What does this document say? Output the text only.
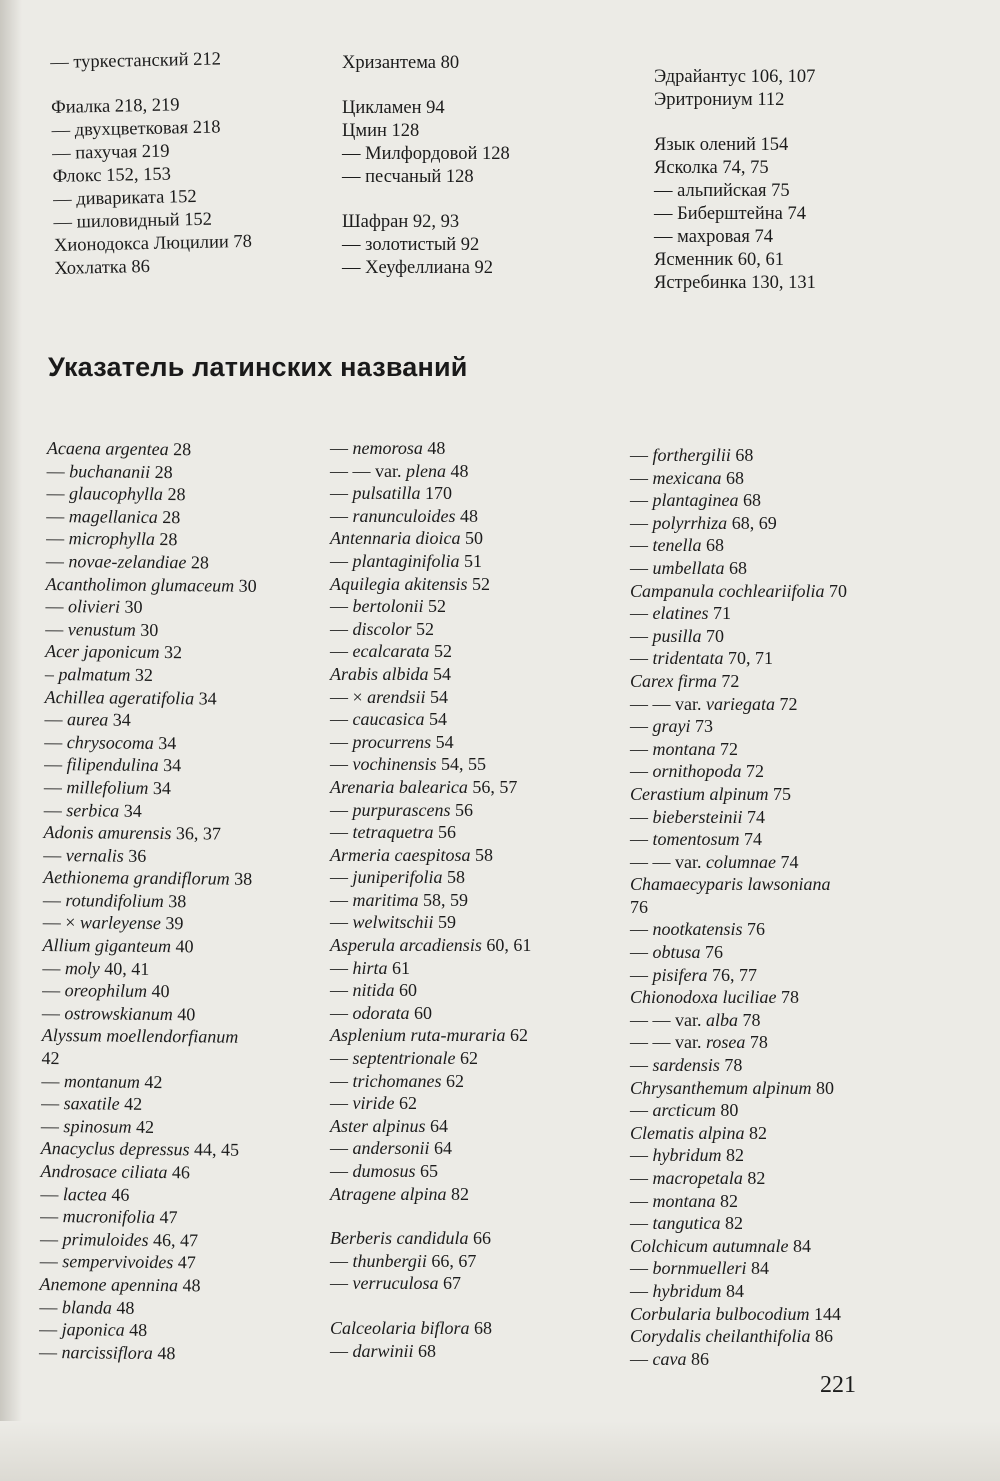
— туркестанский 212
Фиалка 218, 219
— двухцветковая 218
— пахучая 219
Флокс 152, 153
— дивариката 152
— шиловидный 152
Хионодокса Люцилии 78
Хохлатка 86
Хризантема 80
Цикламен 94
Цмин 128
— Милфордовой 128
— песчаный 128
Шафран 92, 93
— золотистый 92
— Хеуфеллиана 92
Эдрайантус 106, 107
Эритрониум 112
Язык олений 154
Ясколка 74, 75
— альпийская 75
— Биберштейна 74
— махровая 74
Ясменник 60, 61
Ястребинка 130, 131
Указатель латинских названий
Acaena argentea 28
— buchananii 28
— glaucophylla 28
— magellanica 28
— microphylla 28
— novae-zelandiae 28
Acantholimon glumaceum 30
— olivieri 30
— venustum 30
Acer japonicum 32
– palmatum 32
Achillea ageratifolia 34
— aurea 34
— chrysocoma 34
— filipendulina 34
— millefolium 34
— serbica 34
Adonis amurensis 36, 37
— vernalis 36
Aethionema grandiflorum 38
— rotundifolium 38
— × warleyense 39
Allium giganteum 40
— moly 40, 41
— oreophilum 40
— ostrowskianum 40
Alyssum moellendorfianum
42
— montanum 42
— saxatile 42
— spinosum 42
Anacyclus depressus 44, 45
Androsace ciliata 46
— lactea 46
— mucronifolia 47
— primuloides 46, 47
— sempervivoides 47
Anemone apennina 48
— blanda 48
— japonica 48
— narcissiflora 48
— nemorosa 48
— — var. plena 48
— pulsatilla 170
— ranunculoides 48
Antennaria dioica 50
— plantaginifolia 51
Aquilegia akitensis 52
— bertolonii 52
— discolor 52
— ecalcarata 52
Arabis albida 54
— × arendsii 54
— caucasica 54
— procurrens 54
— vochinensis 54, 55
Arenaria balearica 56, 57
— purpurascens 56
— tetraquetra 56
Armeria caespitosa 58
— juniperifolia 58
— maritima 58, 59
— welwitschii 59
Asperula arcadiensis 60, 61
— hirta 61
— nitida 60
— odorata 60
Asplenium ruta-muraria 62
— septentrionale 62
— trichomanes 62
— viride 62
Aster alpinus 64
— andersonii 64
— dumosus 65
Atragene alpina 82
Berberis candidula 66
— thunbergii 66, 67
— verruculosa 67
Calceolaria biflora 68
— darwinii 68
— forthergilii 68
— mexicana 68
— plantaginea 68
— polyrrhiza 68, 69
— tenella 68
— umbellata 68
Campanula cochleariifolia 70
— elatines 71
— pusilla 70
— tridentata 70, 71
Carex firma 72
— — var. variegata 72
— grayi 73
— montana 72
— ornithopoda 72
Cerastium alpinum 75
— biebersteinii 74
— tomentosum 74
— — var. columnae 74
Chamaecyparis lawsoniana
76
— nootkatensis 76
— obtusa 76
— pisifera 76, 77
Chionodoxa luciliae 78
— — var. alba 78
— — var. rosea 78
— sardensis 78
Chrysanthemum alpinum 80
— arcticum 80
Clematis alpina 82
— hybridum 82
— macropetala 82
— montana 82
— tangutica 82
Colchicum autumnale 84
— bornmuelleri 84
— hybridum 84
Corbularia bulbocodium 144
Corydalis cheilanthifolia 86
— cava 86
221
